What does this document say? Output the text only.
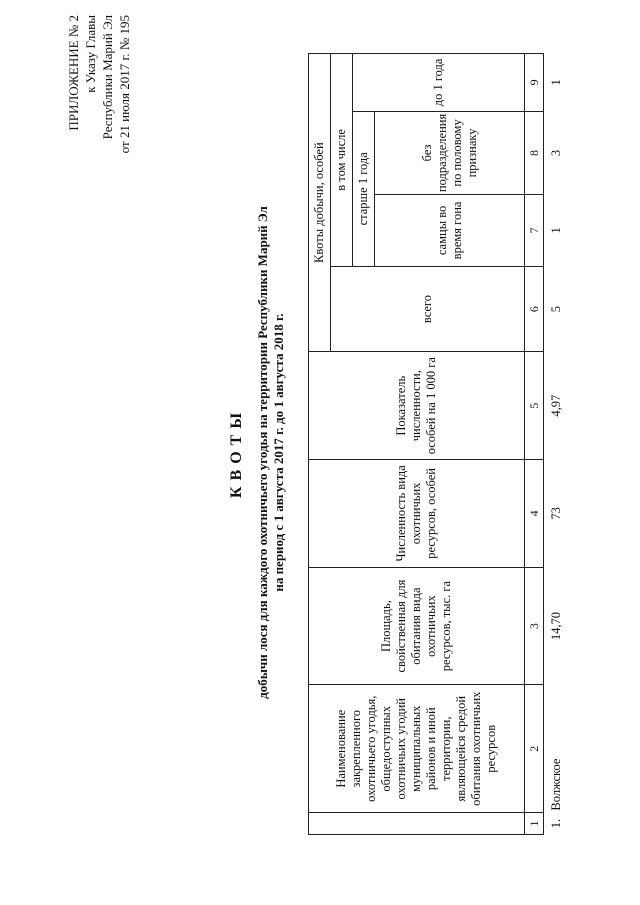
ПРИЛОЖЕНИЕ № 2 к Указу Главы Республики Марий Эл от 21 июля 2017 г. № 195
КВОТЫ добычи лося для каждого охотничьего угодья на территории Республики Марий Эл на период с 1 августа 2017 г. до 1 августа 2018 г.
	Наименование закрепленного охотничьего угодья, общедоступных охотничьих угодий муниципальных районов и иной территории, являющейся средой обитания охотничьих ресурсов	Площадь, свойственная для обитания вида охотничьих ресурсов, тыс. га	Численность вида охотничьих ресурсов, особей	Показатель численности, особей на 1 000 га	Квоты добычи, особей			
					всего	в том числе		
						старше 1 года		до 1 года
						самцы во время гона	без подразделения по половому признаку	
1	2	3	4	5	6	7	8	9
1.	Волжское	14,70	73	4,97	5	1	3	1
